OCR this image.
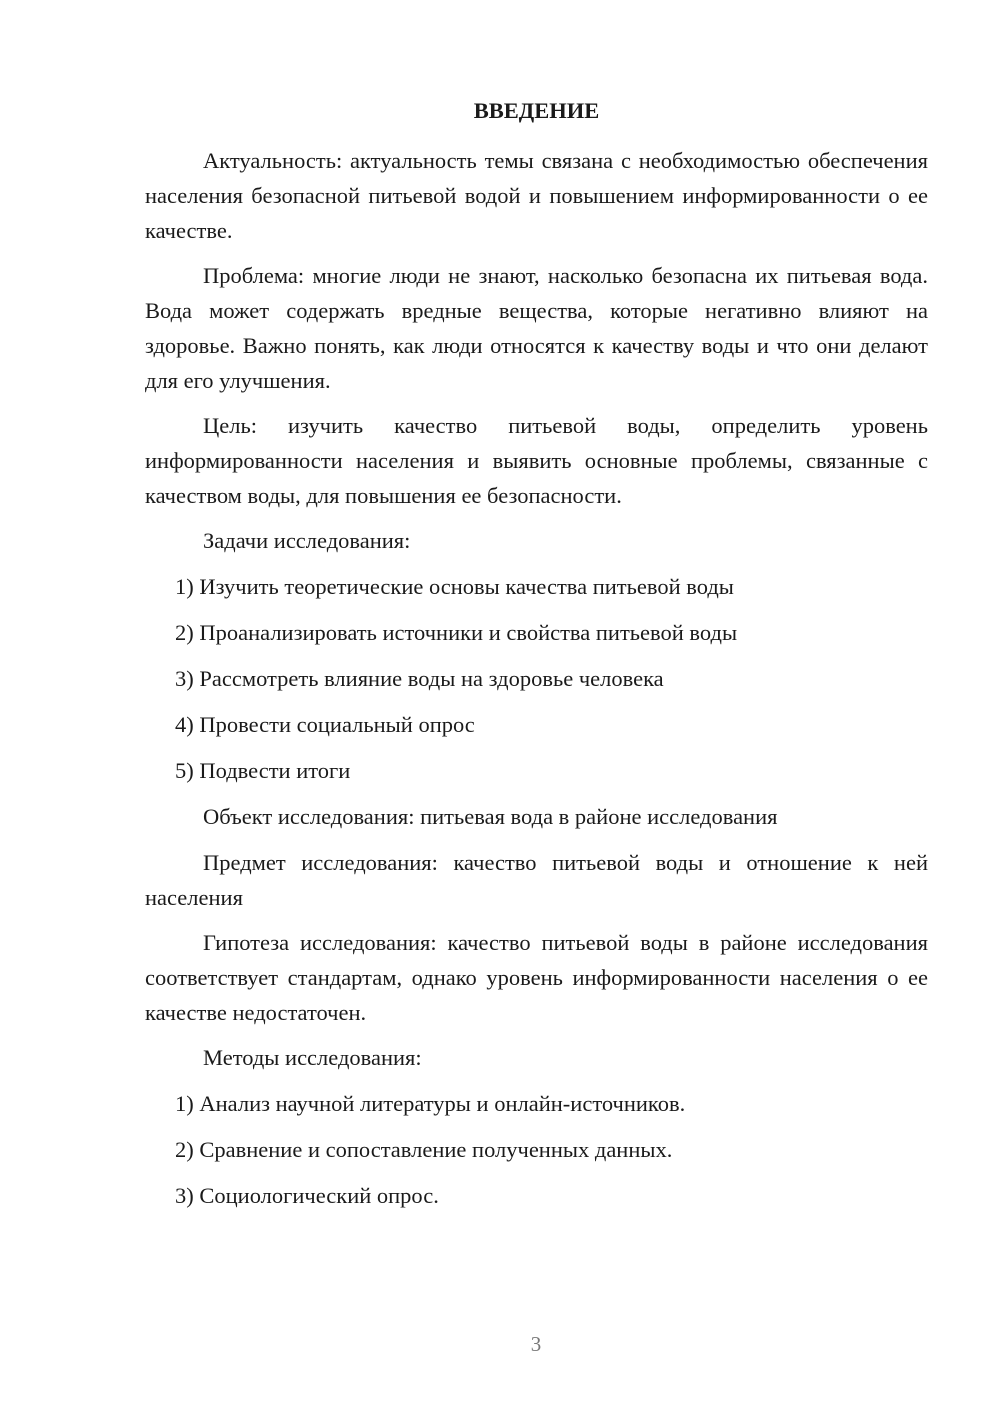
ВВЕДЕНИЕ

Актуальность: актуальность темы связана с необходимостью обеспечения населения безопасной питьевой водой и повышением информированности о ее качестве.

Проблема: многие люди не знают, насколько безопасна их питьевая вода. Вода может содержать вредные вещества, которые негативно влияют на здоровье. Важно понять, как люди относятся к качеству воды и что они делают для его улучшения.

Цель: изучить качество питьевой воды, определить уровень информированности населения и выявить основные проблемы, связанные с качеством воды, для повышения ее безопасности.

Задачи исследования:

1) Изучить теоретические основы качества питьевой воды

2) Проанализировать источники и свойства питьевой воды

3) Рассмотреть влияние воды на здоровье человека

4) Провести социальный опрос

5) Подвести итоги

Объект исследования: питьевая вода в районе исследования

Предмет исследования: качество питьевой воды и отношение к ней населения

Гипотеза исследования: качество питьевой воды в районе исследования соответствует стандартам, однако уровень информированности населения о ее качестве недостаточен.

Методы исследования:

1) Анализ научной литературы и онлайн-источников.

2) Сравнение и сопоставление полученных данных.

3) Социологический опрос.

3
